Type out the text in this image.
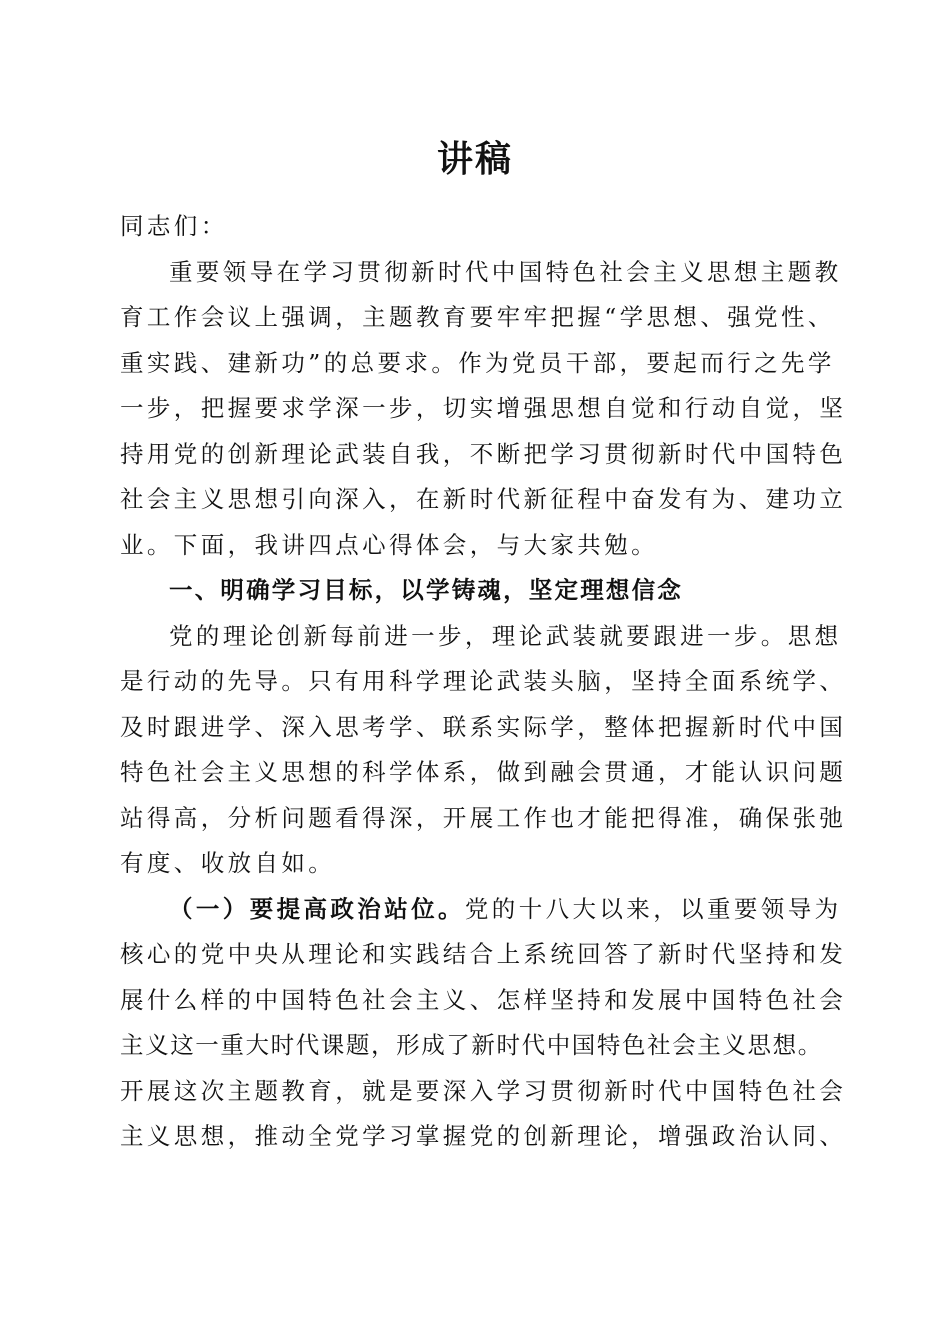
讲稿
同志们：
重要领导在学习贯彻新时代中国特色社会主义思想主题教
育工作会议上强调，主题教育要牢牢把握“学思想、强党性、
重实践、建新功”的总要求。作为党员干部，要起而行之先学
一步，把握要求学深一步，切实增强思想自觉和行动自觉，坚
持用党的创新理论武装自我，不断把学习贯彻新时代中国特色
社会主义思想引向深入，在新时代新征程中奋发有为、建功立
业。下面，我讲四点心得体会，与大家共勉。
一、明确学习目标，以学铸魂，坚定理想信念
党的理论创新每前进一步，理论武装就要跟进一步。思想
是行动的先导。只有用科学理论武装头脑，坚持全面系统学、
及时跟进学、深入思考学、联系实际学，整体把握新时代中国
特色社会主义思想的科学体系，做到融会贯通，才能认识问题
站得高，分析问题看得深，开展工作也才能把得准，确保张弛
有度、收放自如。
（一）要提高政治站位。党的十八大以来，以重要领导为
核心的党中央从理论和实践结合上系统回答了新时代坚持和发
展什么样的中国特色社会主义、怎样坚持和发展中国特色社会
主义这一重大时代课题，形成了新时代中国特色社会主义思想。
开展这次主题教育，就是要深入学习贯彻新时代中国特色社会
主义思想，推动全党学习掌握党的创新理论，增强政治认同、
